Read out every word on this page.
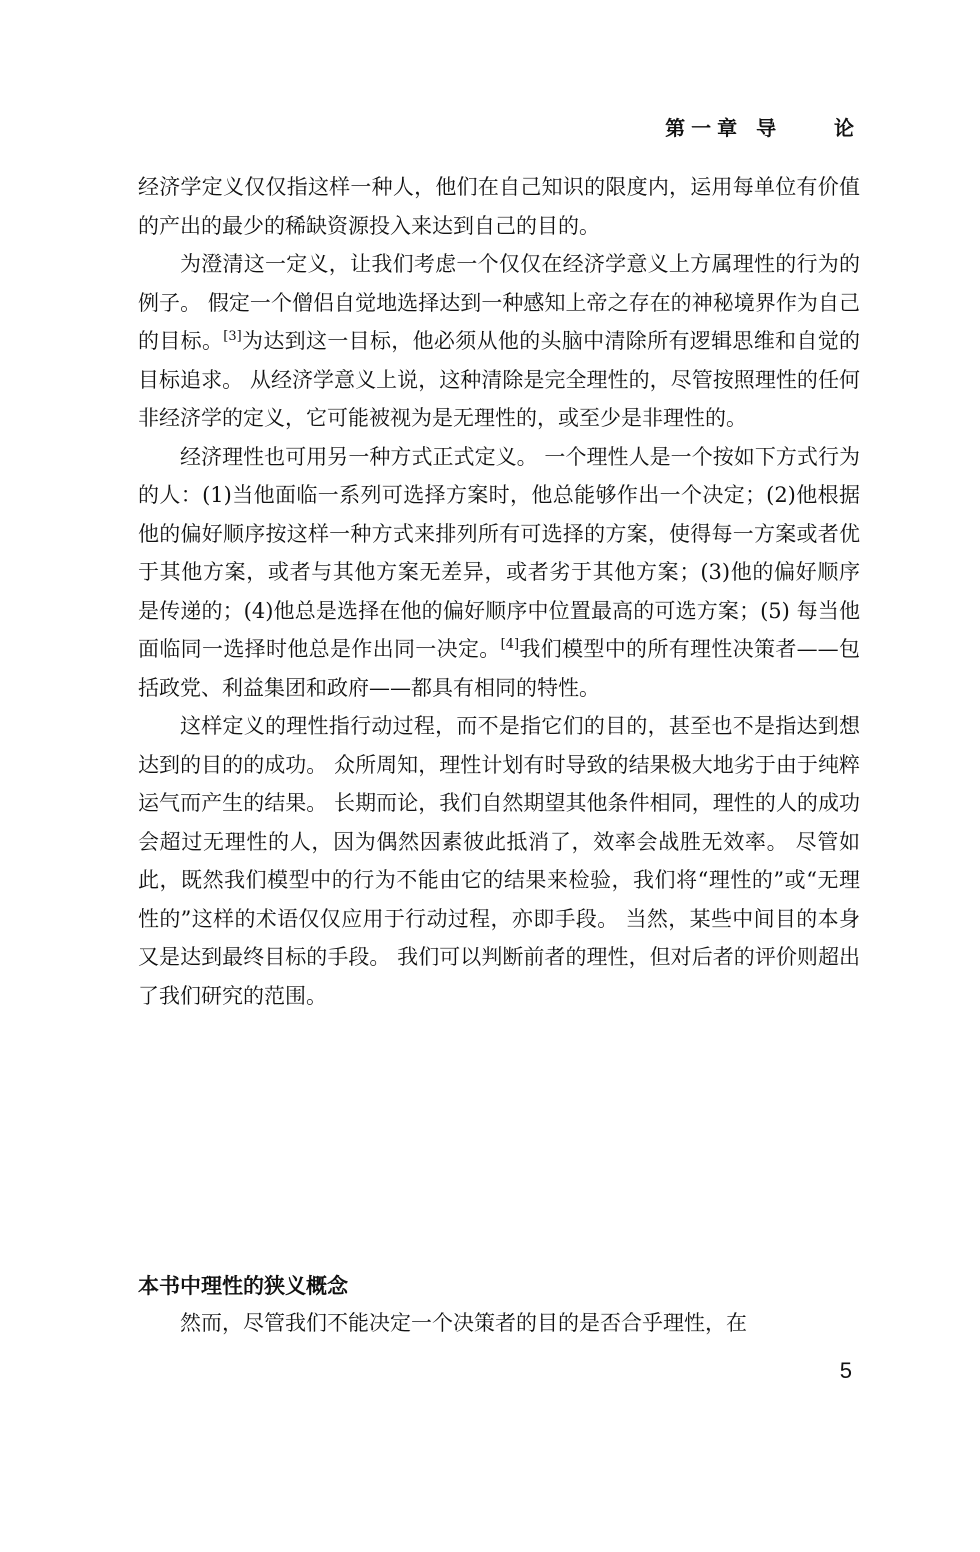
第一章 导    论

经济学定义仅仅指这样一种人，他们在自己知识的限度内，运用每单位有价值的产出的最少的稀缺资源投入来达到自己的目的。

为澄清这一定义，让我们考虑一个仅仅在经济学意义上方属理性的行为的例子。 假定一个僧侣自觉地选择达到一种感知上帝之存在的神秘境界作为自己的目标。[3]为达到这一目标，他必须从他的头脑中清除所有逻辑思维和自觉的目标追求。 从经济学意义上说，这种清除是完全理性的，尽管按照理性的任何非经济学的定义，它可能被视为是无理性的，或至少是非理性的。

经济理性也可用另一种方式正式定义。 一个理性人是一个按如下方式行为的人：(1)当他面临一系列可选择方案时，他总能够作出一个决定；(2)他根据他的偏好顺序按这样一种方式来排列所有可选择的方案，使得每一方案或者优于其他方案，或者与其他方案无差异，或者劣于其他方案；(3)他的偏好顺序是传递的；(4)他总是选择在他的偏好顺序中位置最高的可选方案；(5) 每当他面临同一选择时他总是作出同一决定。[4]我们模型中的所有理性决策者——包括政党、利益集团和政府——都具有相同的特性。

这样定义的理性指行动过程，而不是指它们的目的，甚至也不是指达到想达到的目的的成功。 众所周知，理性计划有时导致的结果极大地劣于由于纯粹运气而产生的结果。 长期而论，我们自然期望其他条件相同，理性的人的成功会超过无理性的人，因为偶然因素彼此抵消了，效率会战胜无效率。 尽管如此，既然我们模型中的行为不能由它的结果来检验，我们将“理性的”或“无理性的”这样的术语仅仅应用于行动过程，亦即手段。 当然，某些中间目的本身又是达到最终目标的手段。 我们可以判断前者的理性，但对后者的评价则超出了我们研究的范围。

本书中理性的狭义概念
然而，尽管我们不能决定一个决策者的目的是否合乎理性，在
5
